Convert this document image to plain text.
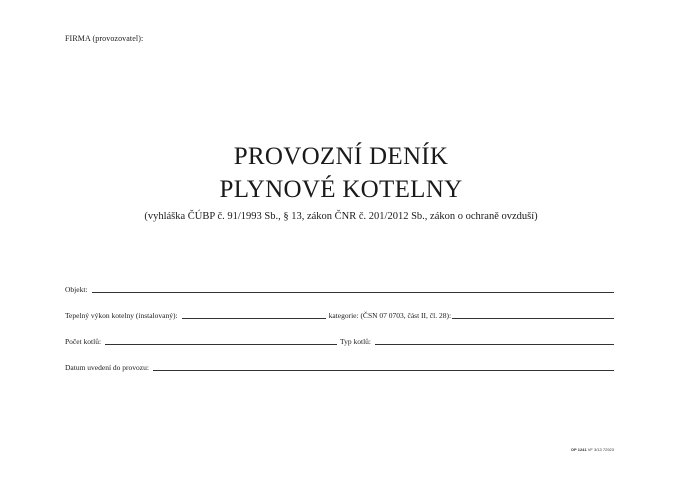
FIRMA (provozovatel):
PROVOZNÍ DENÍK
PLYNOVÉ KOTELNY
(vyhláška ČÚBP č. 91/1993 Sb., § 13, zákon ČNR č. 201/2012 Sb., zákon o ochraně ovzduší)
Objekt:
Tepelný výkon kotelny (instalovaný):	kategorie: (ČSN 07 0703, část II, čl. 28):
Počet kotlů:	Typ kotlů:
Datum uvedení do provozu:
OP 1241 VF 3/13 72923
